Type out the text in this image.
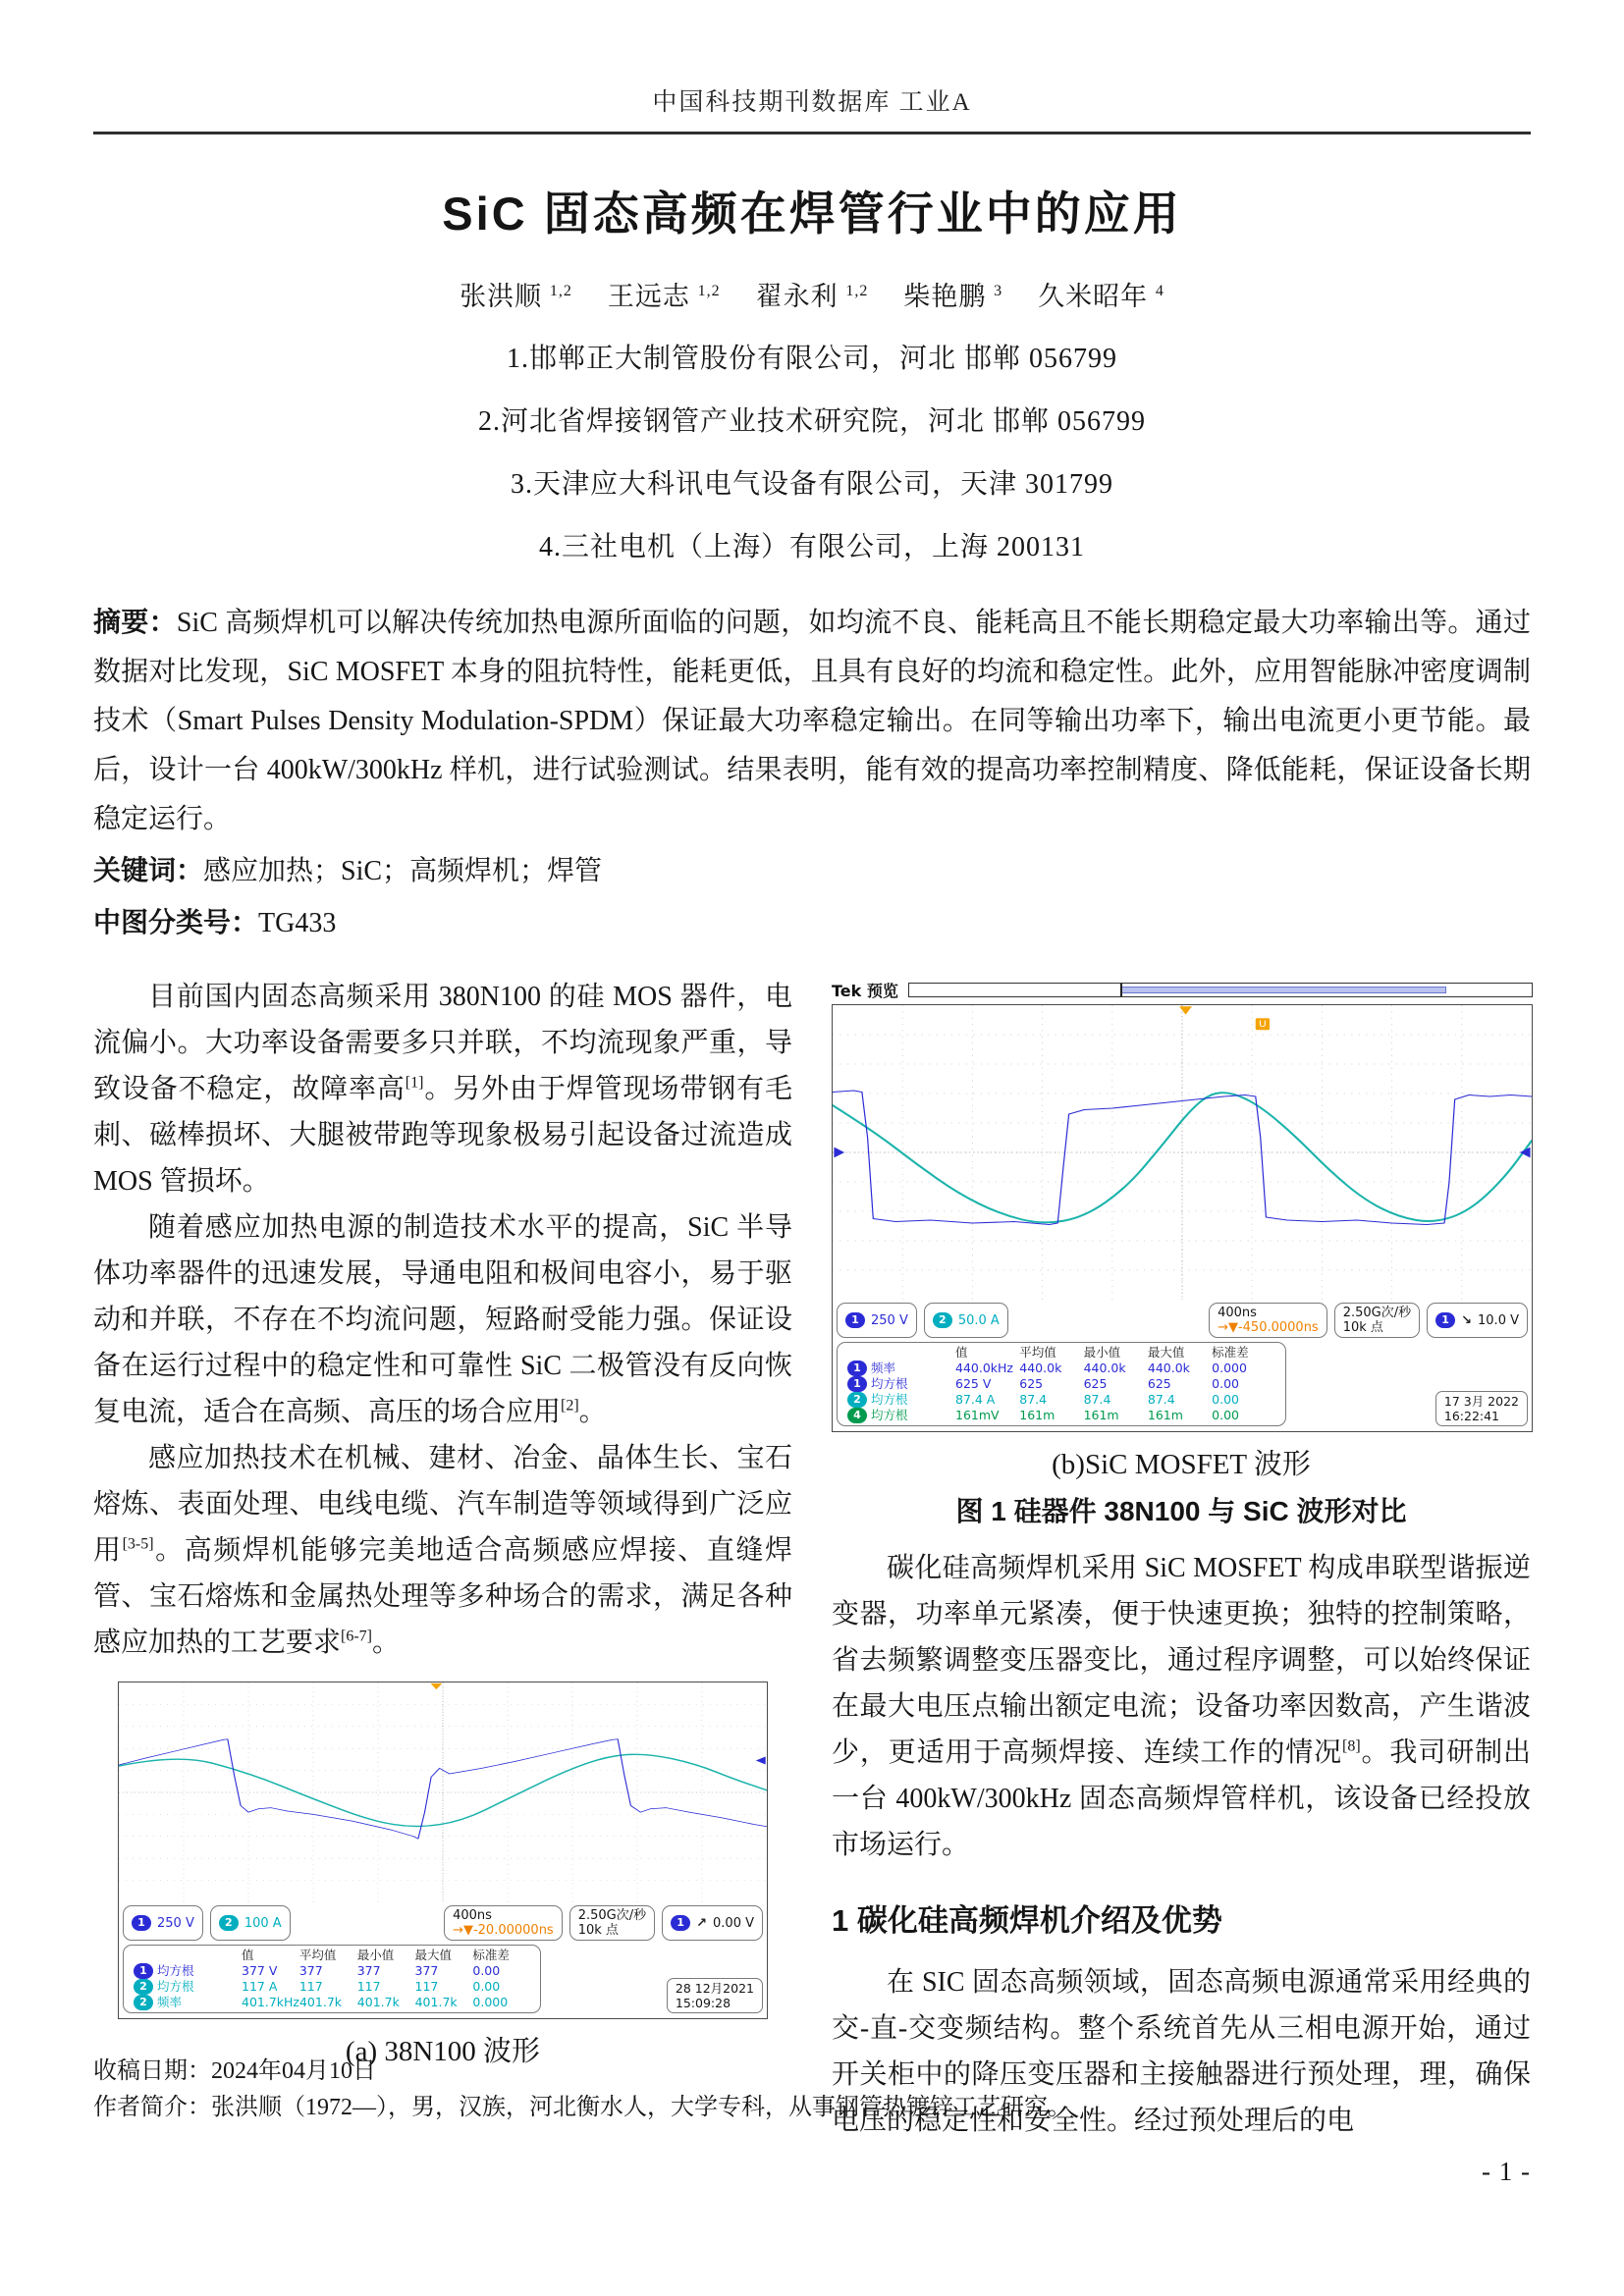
中国科技期刊数据库 工业A
SiC 固态高频在焊管行业中的应用
张洪顺 $^{1,2}$ 王远志 $^{1,2}$ 翟永利 $^{1,2}$ 柴艳鹏 $^3$ 久米昭年 $^4$
1.邯郸正大制管股份有限公司，河北 邯郸 056799
2.河北省焊接钢管产业技术研究院，河北 邯郸 056799
3.天津应大科讯电气设备有限公司，天津 301799
4.三社电机（上海）有限公司，上海 200131

摘要：SiC 高频焊机可以解决传统加热电源所面临的问题，如均流不良、能耗高且不能长期稳定最大功率输出等。通过数据对比发现，SiC MOSFET 本身的阻抗特性，能耗更低，且具有良好的均流和稳定性。此外，应用智能脉冲密度调制技术（Smart Pulses Density Modulation-SPDM）保证最大功率稳定输出。在同等输出功率下，输出电流更小更节能。最后，设计一台 400kW/300kHz 样机，进行试验测试。结果表明，能有效的提高功率控制精度、降低能耗，保证设备长期稳定运行。

关键词：感应加热；SiC；高频焊机；焊管

中图分类号：TG433

目前国内固态高频采用 380N100 的硅 MOS 器件，电流偏小。大功率设备需要多只并联，不均流现象严重，导致设备不稳定，故障率高[1]。另外由于焊管现场带钢有毛刺、磁棒损坏、大腿被带跑等现象极易引起设备过流造成 MOS 管损坏。

随着感应加热电源的制造技术水平的提高，SiC 半导体功率器件的迅速发展，导通电阻和极间电容小，易于驱动和并联，不存在不均流问题，短路耐受能力强。保证设备在运行过程中的稳定性和可靠性 SiC 二极管没有反向恢复电流，适合在高频、高压的场合应用[2]。

感应加热技术在机械、建材、冶金、晶体生长、宝石熔炼、表面处理、电线电缆、汽车制造等领域得到广泛应用[3-5]。高频焊机能够完美地适合高频感应焊接、直缝焊管、宝石熔炼和金属热处理等多种场合的需求，满足各种感应加热的工艺要求[6-7]。

1 250 V	2 100 A	400ns
→▼-20.00000ns
2.50G次/秒
10k 点
1 ↗ 0.00 V
值	平均值	最小值	最大值	标准差
1 均方根	377 V	377	377	377	0.00
2 均方根	117 A	117	117	117	0.00
2 频率	401.7kHz 401.7k	401.7k	401.7k	0.000
28 12月2021
15:09:28
(a) 38N100 波形
Tek 预览
U
1 250 V	2 50.0 A	400ns
→▼-450.0000ns
2.50G次/秒
10k 点
1 ↘ 10.0 V
值	平均值	最小值	最大值	标准差
1 频率	440.0kHz 440.0k	440.0k	440.0k	0.000
1 均方根	625 V	625	625	625	0.00
2 均方根	87.4 A	87.4	87.4	87.4	0.00
4 均方根	161mV	161m	161m	161m	0.00
17 3月 2022
16:22:41
(b)SiC MOSFET 波形
图 1 硅器件 38N100 与 SiC 波形对比

碳化硅高频焊机采用 SiC MOSFET 构成串联型谐振逆变器，功率单元紧凑，便于快速更换；独特的控制策略，省去频繁调整变压器变比，通过程序调整，可以始终保证在最大电压点输出额定电流；设备功率因数高，产生谐波少，更适用于高频焊接、连续工作的情况[8]。我司研制出一台 400kW/300kHz 固态高频焊管样机，该设备已经投放市场运行。

1 碳化硅高频焊机介绍及优势

在 SIC 固态高频领域，固态高频电源通常采用经典的交-直-交变频结构。整个系统首先从三相电源开始，通过开关柜中的降压变压器和主接触器进行预处理，理，确保电压的稳定性和安全性。经过预处理后的电

收稿日期：2024年04月10日
作者简介：张洪顺（1972—），男，汉族，河北衡水人，大学专科，从事钢管热镀锌工艺研究。
- 1 -
